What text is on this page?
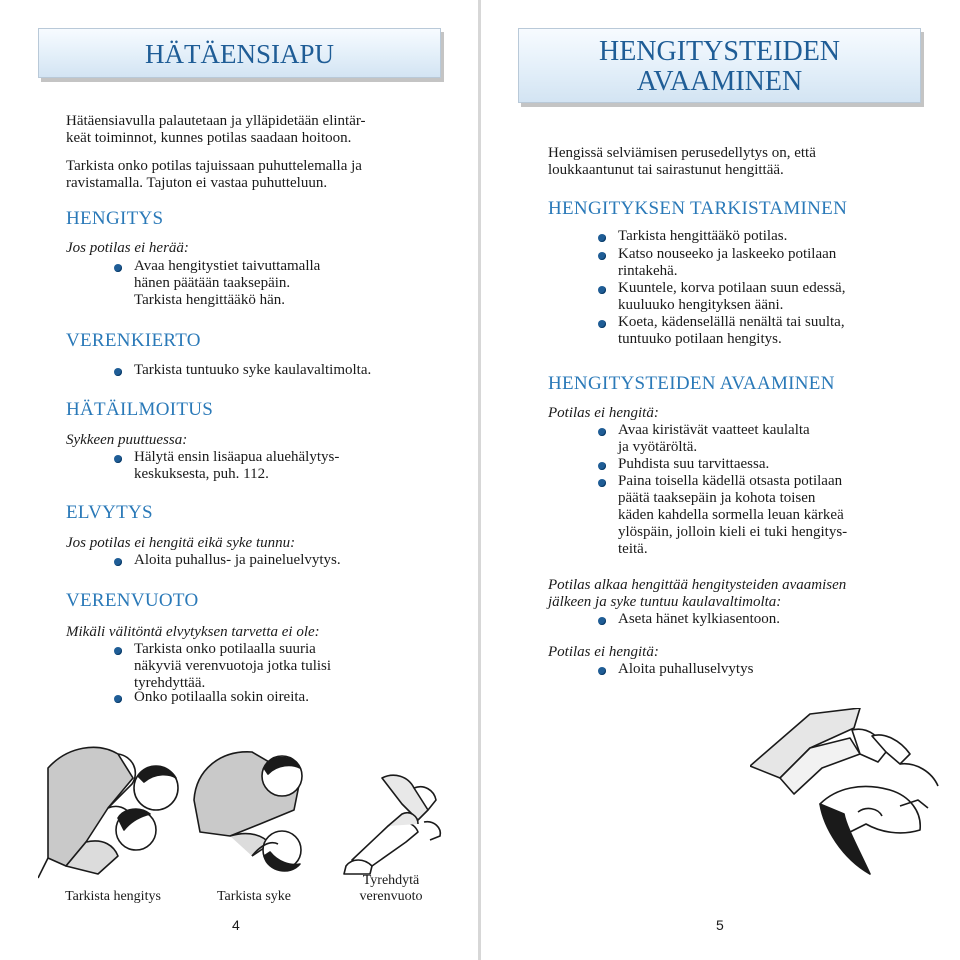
HÄTÄENSIAPU

Hätäensiavulla palautetaan ja ylläpidetään elintär-
keät toiminnot, kunnes potilas saadaan hoitoon.

Tarkista onko potilas tajuissaan puhuttelemalla ja
ravistamalla. Tajuton ei vastaa puhutteluun.

HENGITYS

Jos potilas ei herää:

Avaa hengitystiet taivuttamalla
hänen päätään taaksepäin.
Tarkista hengittääkö hän.

VERENKIERTO

Tarkista tuntuuko syke kaulavaltimolta.

HÄTÄILMOITUS

Sykkeen puuttuessa:

Hälytä ensin lisäapua aluehälytys-
keskuksesta, puh. 112.

ELVYTYS

Jos potilas ei hengitä eikä syke tunnu:

Aloita puhallus- ja paineluelvytys.

VERENVUOTO

Mikäli välitöntä elvytyksen tarvetta ei ole:

Tarkista onko potilaalla suuria
näkyviä verenvuotoja jotka tulisi
tyrehdyttää.

Onko potilaalla sokin oireita.

Tarkista hengitys	Tarkista syke
Tyrehdytä
verenvuoto
4
HENGITYSTEIDEN
AVAAMINEN

Hengissä selviämisen perusedellytys on, että
loukkaantunut tai sairastunut hengittää.

HENGITYKSEN TARKISTAMINEN

Tarkista hengittääkö potilas.

Katso nouseeko ja laskeeko potilaan
rintakehä.

Kuuntele, korva potilaan suun edessä,
kuuluuko hengityksen ääni.

Koeta, kädenselällä nenältä tai suulta,
tuntuuko potilaan hengitys.

HENGITYSTEIDEN AVAAMINEN

Potilas ei hengitä:

Avaa kiristävät vaatteet kaulalta
ja vyötäröltä.

Puhdista suu tarvittaessa.

Paina toisella kädellä otsasta potilaan
päätä taaksepäin ja kohota toisen
käden kahdella sormella leuan kärkeä
ylöspäin, jolloin kieli ei tuki hengitys-
teitä.

Potilas alkaa hengittää hengitysteiden avaamisen
jälkeen ja syke tuntuu kaulavaltimolta:

Aseta hänet kylkiasentoon.

Potilas ei hengitä:

Aloita puhalluselvytys

5
